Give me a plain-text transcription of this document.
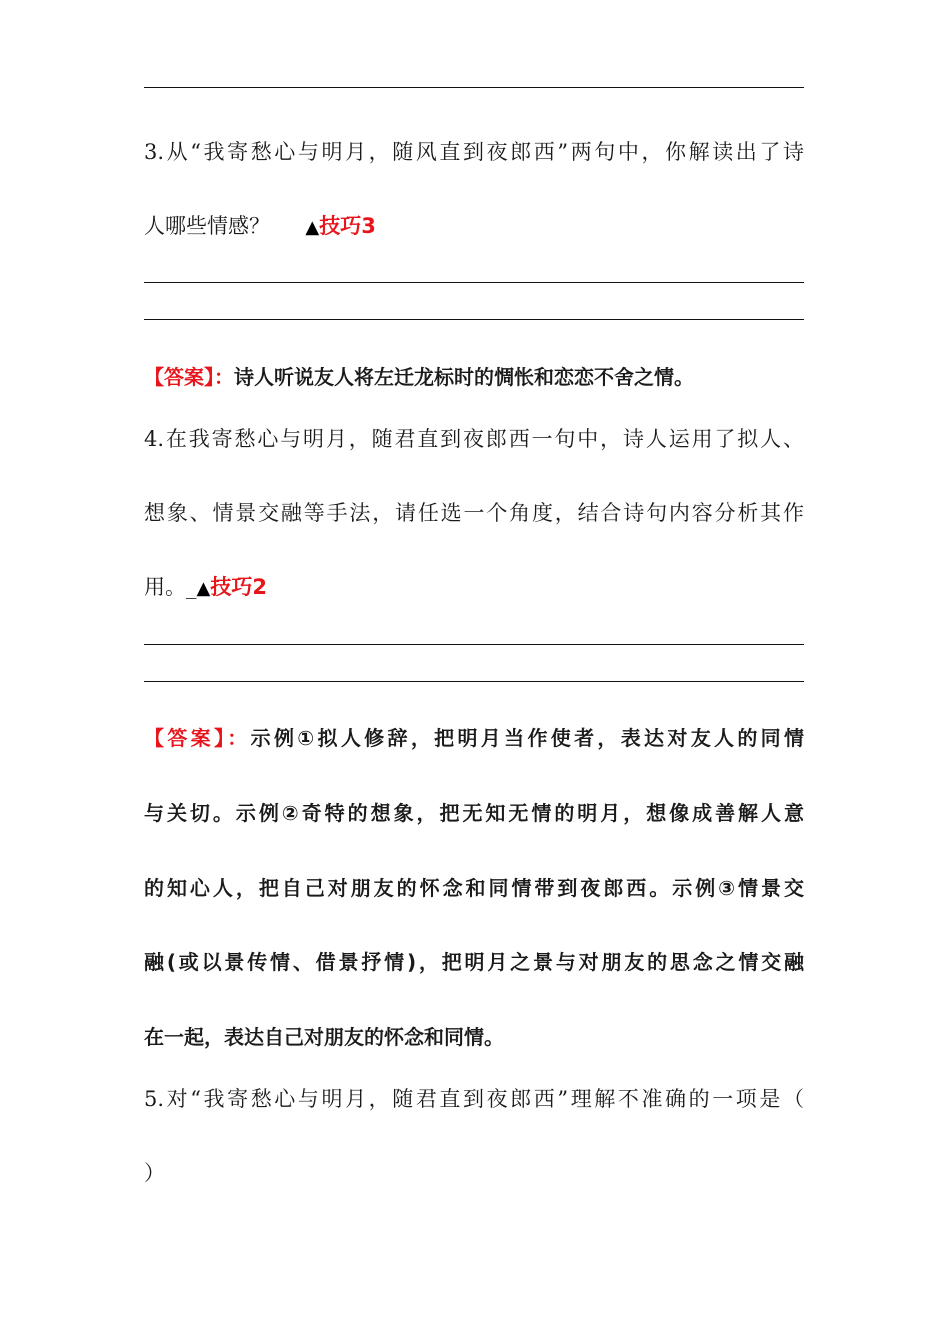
3.从“我寄愁心与明月，随风直到夜郎西”两句中，你解读出了诗
人哪些情感？ ▲技巧3
【答案】：诗人听说友人将左迁龙标时的惆怅和恋恋不舍之情。
4.在我寄愁心与明月，随君直到夜郎西一句中，诗人运用了拟人、
想象、情景交融等手法，请任选一个角度，结合诗句内容分析其作
用。_▲技巧2
【答案】：示例①拟人修辞，把明月当作使者，表达对友人的同情
与关切。示例②奇特的想象，把无知无情的明月，想像成善解人意
的知心人，把自己对朋友的怀念和同情带到夜郎西。示例③情景交
融(或以景传情、借景抒情)，把明月之景与对朋友的思念之情交融
在一起，表达自己对朋友的怀念和同情。
5.对“我寄愁心与明月，随君直到夜郎西”理解不准确的一项是（
）
